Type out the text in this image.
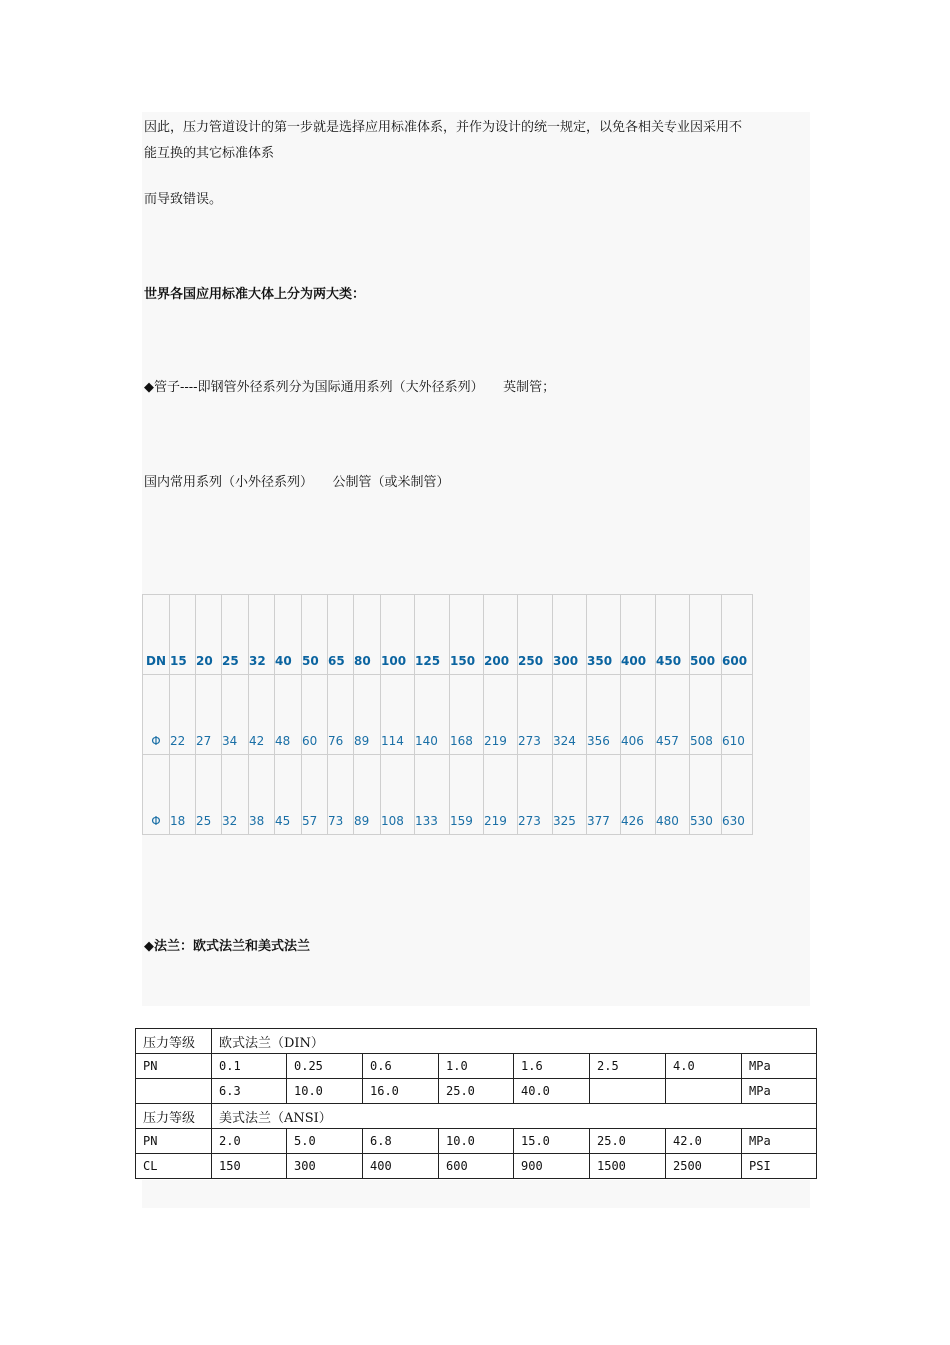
因此，压力管道设计的第一步就是选择应用标准体系，并作为设计的统一规定，以免各相关专业因采用不
能互换的其它标准体系
而导致错误。
世界各国应用标准大体上分为两大类：
◆管子----即钢管外径系列分为国际通用系列（大外径系列）　　英制管；
国内常用系列（小外径系列）　　公制管（或米制管）
DN	15	20	25	32	40	50	65	80	100	125	150	200	250	300	350	400	450	500	600
Φ	22	27	34	42	48	60	76	89	114	140	168	219	273	324	356	406	457	508	610
Φ	18	25	32	38	45	57	73	89	108	133	159	219	273	325	377	426	480	530	630
◆法兰：欧式法兰和美式法兰
压力等级	欧式法兰（DIN）							
PN	0.1	0.25	0.6	1.0	1.6	2.5	4.0	MPa
	6.3	10.0	16.0	25.0	40.0			MPa
压力等级	美式法兰（ANSI）							
PN	2.0	5.0	6.8	10.0	15.0	25.0	42.0	MPa
CL	150	300	400	600	900	1500	2500	PSI
